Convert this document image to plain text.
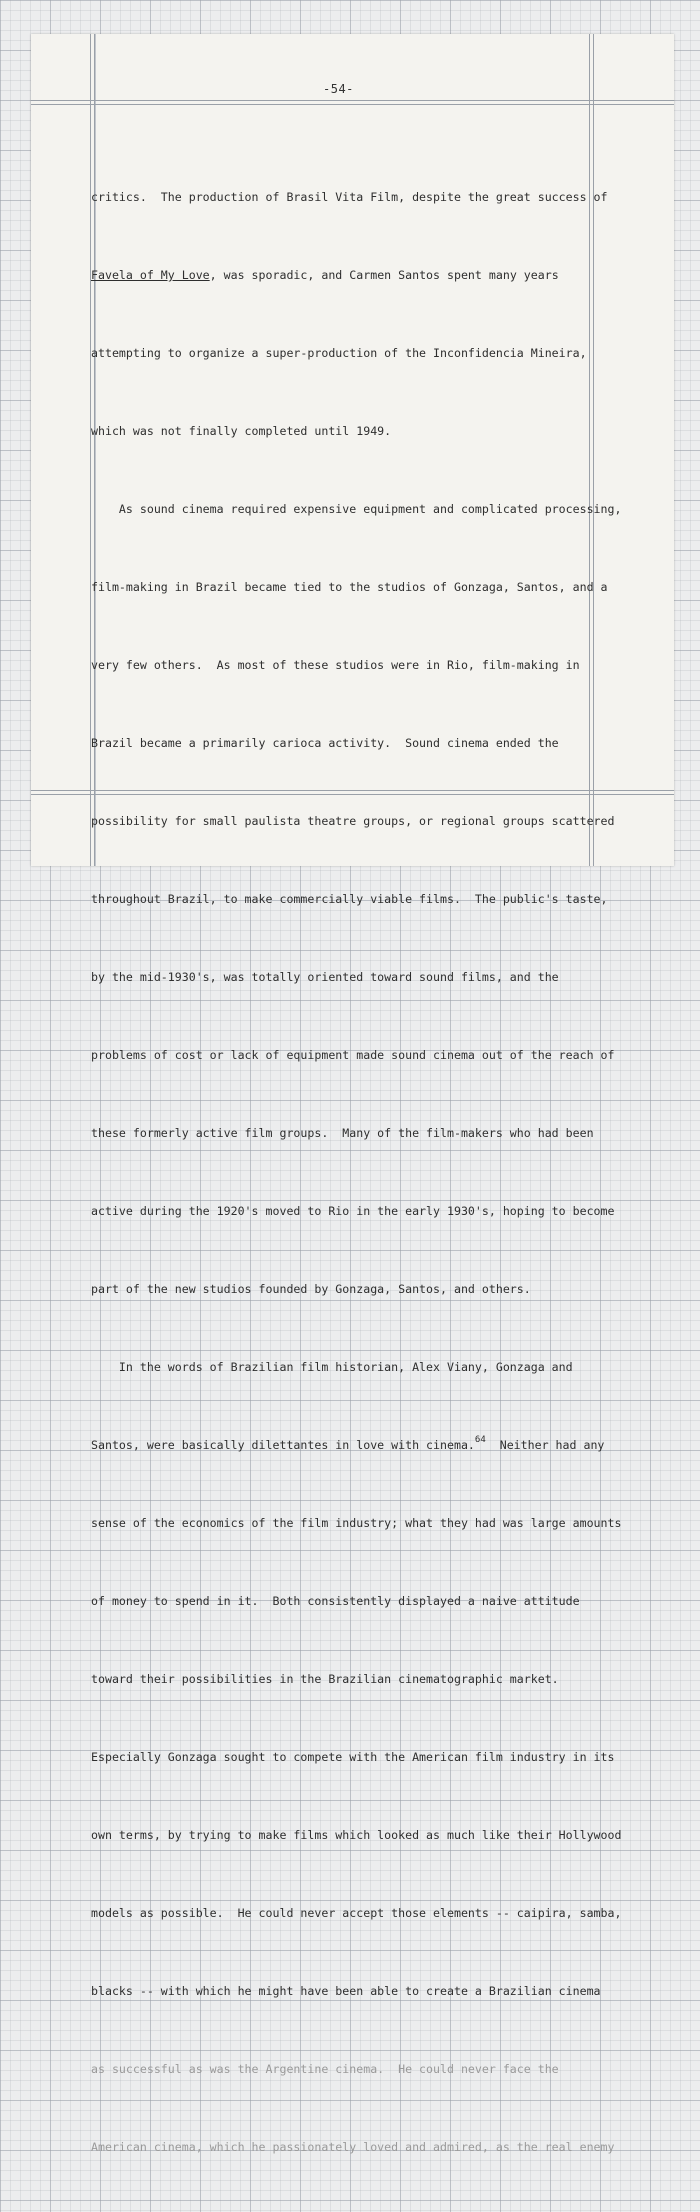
-54-

critics.  The production of Brasil Vita Film, despite the great success of

Favela of My Love, was sporadic, and Carmen Santos spent many years

attempting to organize a super-production of the Inconfidencia Mineira,

which was not finally completed until 1949.

As sound cinema required expensive equipment and complicated processing,

film-making in Brazil became tied to the studios of Gonzaga, Santos, and a

very few others.  As most of these studios were in Rio, film-making in

Brazil became a primarily carioca activity.  Sound cinema ended the

possibility for small paulista theatre groups, or regional groups scattered

throughout Brazil, to make commercially viable films.  The public's taste,

by the mid-1930's, was totally oriented toward sound films, and the

problems of cost or lack of equipment made sound cinema out of the reach of

these formerly active film groups.  Many of the film-makers who had been

active during the 1920's moved to Rio in the early 1930's, hoping to become

part of the new studios founded by Gonzaga, Santos, and others.

In the words of Brazilian film historian, Alex Viany, Gonzaga and

Santos, were basically dilettantes in love with cinema.$^{64}$  Neither had any

sense of the economics of the film industry; what they had was large amounts

of money to spend in it.  Both consistently displayed a naive attitude

toward their possibilities in the Brazilian cinematographic market.

Especially Gonzaga sought to compete with the American film industry in its

own terms, by trying to make films which looked as much like their Hollywood

models as possible.  He could never accept those elements -- caipira, samba,

blacks -- with which he might have been able to create a Brazilian cinema

as successful as was the Argentine cinema.  He could never face the

American cinema, which he passionately loved and admired, as the real enemy
